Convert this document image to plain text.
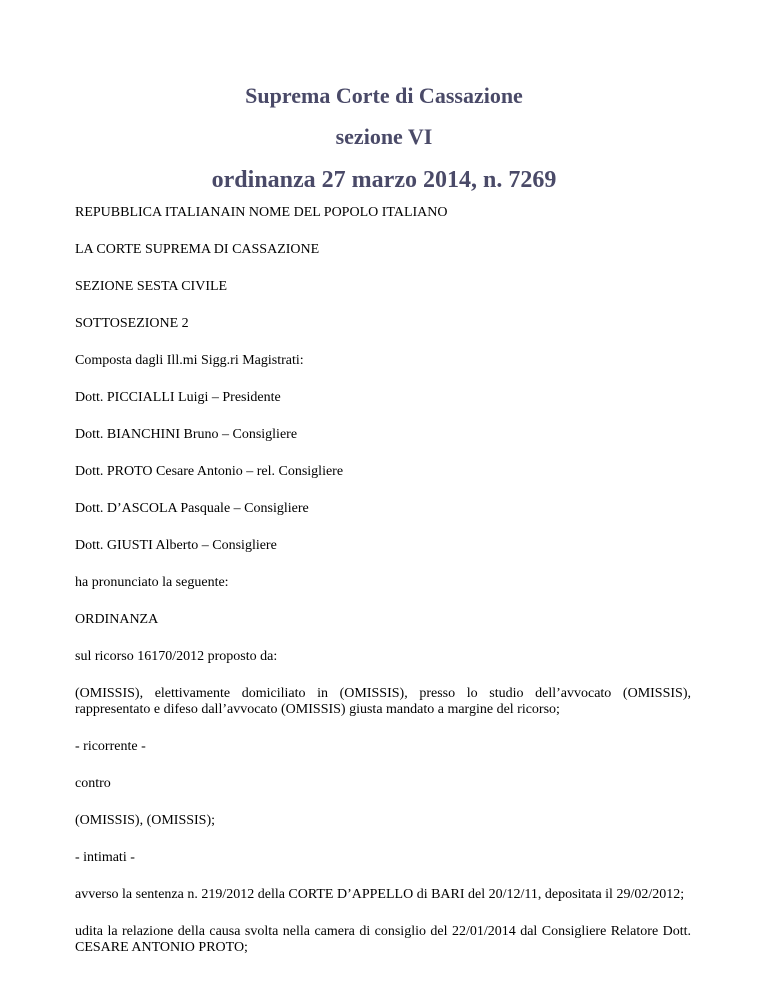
Suprema Corte di Cassazione
sezione VI
ordinanza 27 marzo 2014, n. 7269

REPUBBLICA ITALIANAIN NOME DEL POPOLO ITALIANO

LA CORTE SUPREMA DI CASSAZIONE

SEZIONE SESTA CIVILE

SOTTOSEZIONE 2

Composta dagli Ill.mi Sigg.ri Magistrati:

Dott. PICCIALLI Luigi – Presidente

Dott. BIANCHINI Bruno – Consigliere

Dott. PROTO Cesare Antonio – rel. Consigliere

Dott. D’ASCOLA Pasquale – Consigliere

Dott. GIUSTI Alberto – Consigliere

ha pronunciato la seguente:

ORDINANZA

sul ricorso 16170/2012 proposto da:

(OMISSIS), elettivamente domiciliato in (OMISSIS), presso lo studio dell’avvocato (OMISSIS), rappresentato e difeso dall’avvocato (OMISSIS) giusta mandato a margine del ricorso;

- ricorrente -

contro

(OMISSIS), (OMISSIS);

- intimati -

avverso la sentenza n. 219/2012 della CORTE D’APPELLO di BARI del 20/12/11, depositata il 29/02/2012;

udita la relazione della causa svolta nella camera di consiglio del 22/01/2014 dal Consigliere Relatore Dott. CESARE ANTONIO PROTO;
